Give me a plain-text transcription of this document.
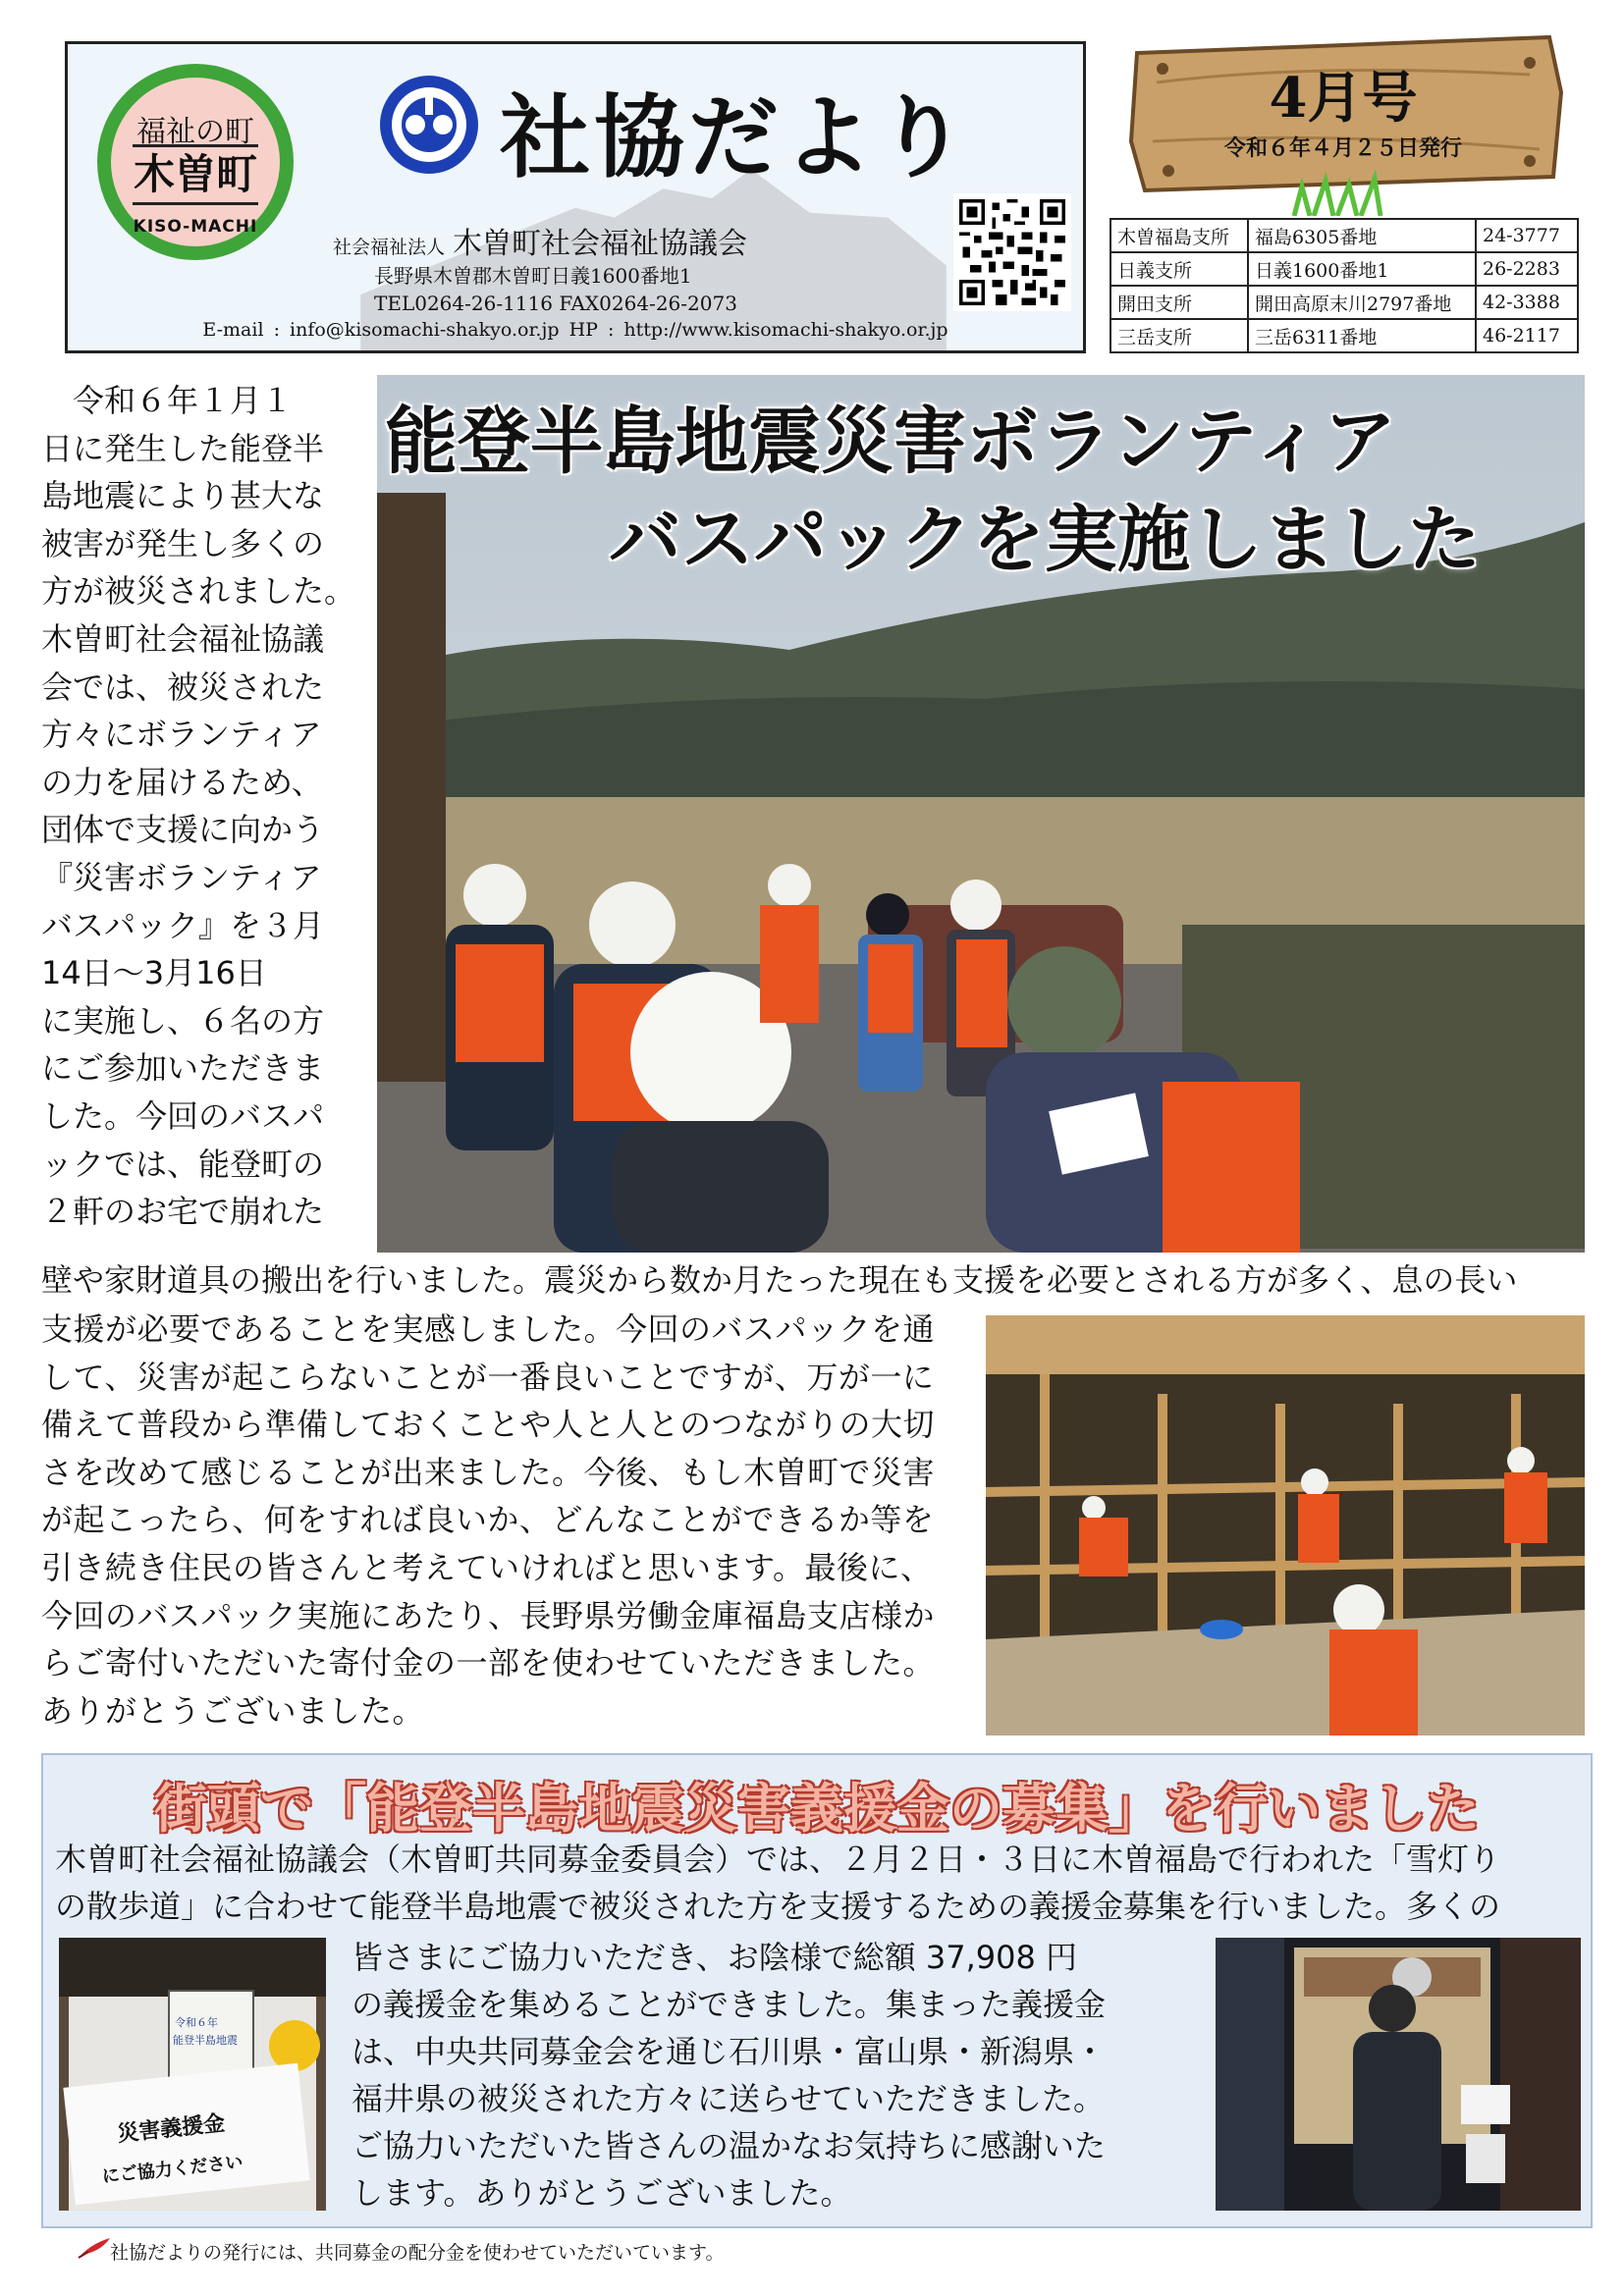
福祉の町
木曽町
KISO-MACHI
社協だより
社会福祉法人 木曽町社会福祉協議会
長野県木曽郡木曽町日義1600番地1
TEL0264-26-1116 FAX0264-26-2073
E-mail : info@kisomachi-shakyo.or.jp HP : http://www.kisomachi-shakyo.or.jp
4月号
令和６年４月２５日発行
木曽福島支所	福島6305番地	24-3777
日義支所	日義1600番地1	26-2283
開田支所	開田高原末川2797番地	42-3388
三岳支所	三岳6311番地	46-2117
能登半島地震災害ボランティア
バスパックを実施しました
　令和６年１月１
日に発生した能登半
島地震により甚大な
被害が発生し多くの
方が被災されました。
木曽町社会福祉協議
会では、被災された
方々にボランティア
の力を届けるため、
団体で支援に向かう
『災害ボランティア
バスパック』を３月
14日～3月16日
に実施し、６名の方
にご参加いただきま
した。今回のバスパ
ックでは、能登町の
２軒のお宅で崩れた
壁や家財道具の搬出を行いました。震災から数か月たった現在も支援を必要とされる方が多く、息の長い
支援が必要であることを実感しました。今回のバスパックを通
して、災害が起こらないことが一番良いことですが、万が一に
備えて普段から準備しておくことや人と人とのつながりの大切
さを改めて感じることが出来ました。今後、もし木曽町で災害
が起こったら、何をすれば良いか、どんなことができるか等を
引き続き住民の皆さんと考えていければと思います。最後に、
今回のバスパック実施にあたり、長野県労働金庫福島支店様か
らご寄付いただいた寄付金の一部を使わせていただきました。
ありがとうございました。
街頭で「能登半島地震災害義援金の募集」を行いました
木曽町社会福祉協議会（木曽町共同募金委員会）では、２月２日・３日に木曽福島で行われた「雪灯り
の散歩道」に合わせて能登半島地震で被災された方を支援するための義援金募集を行いました。多くの
令和６年
能登半島地震
災害義援金
にご協力ください
皆さまにご協力いただき、お陰様で総額 37,908 円
の義援金を集めることができました。集まった義援金
は、中央共同募金会を通じ石川県・富山県・新潟県・
福井県の被災された方々に送らせていただきました。
ご協力いただいた皆さんの温かなお気持ちに感謝いた
します。ありがとうございました。
社協だよりの発行には、共同募金の配分金を使わせていただいています。
